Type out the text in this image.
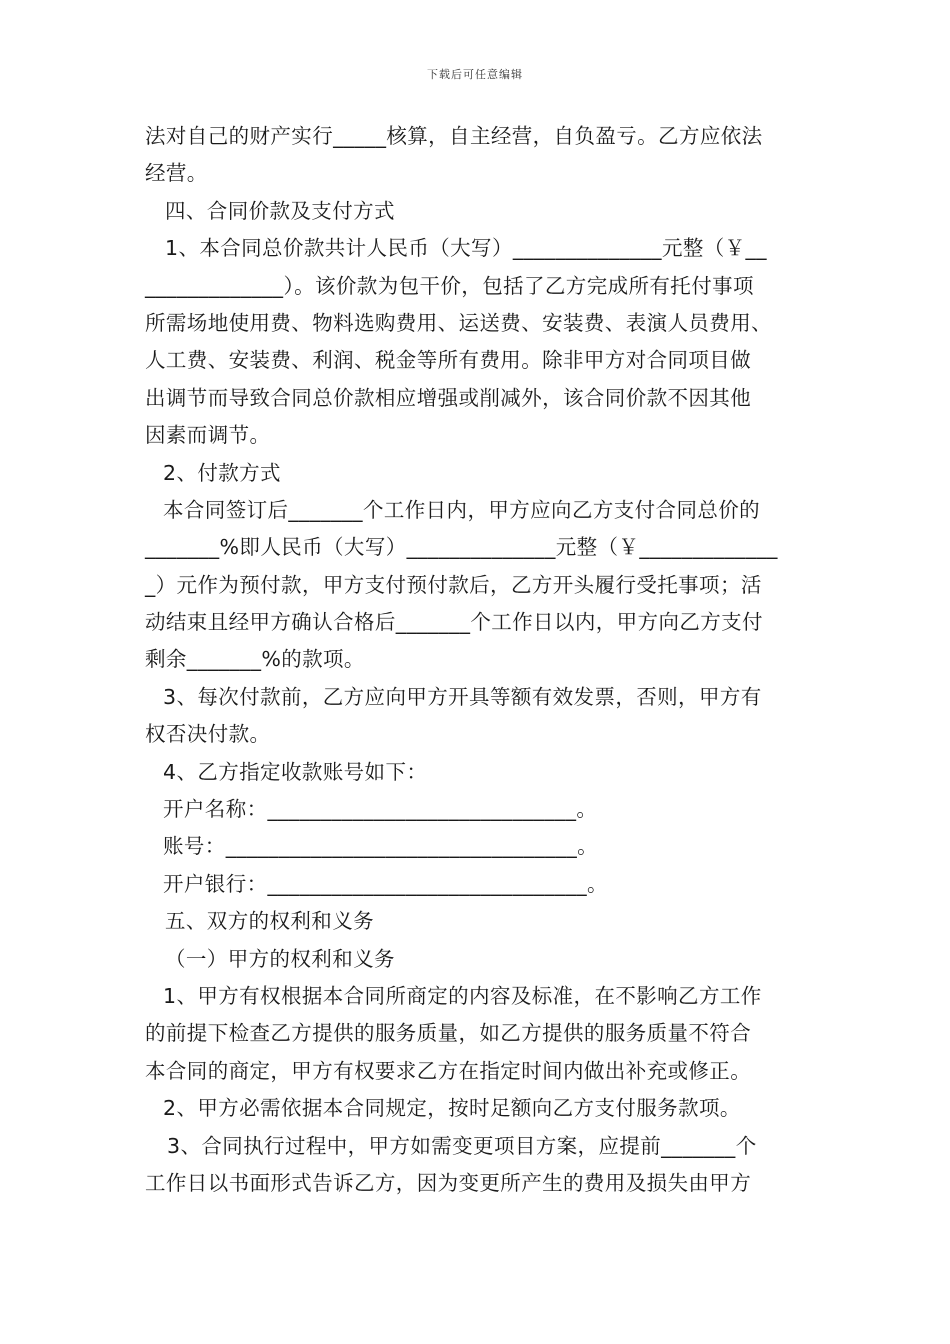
下载后可任意编辑
法对自己的财产实行_____核算，自主经营，自负盈亏。乙方应依法
经营。
四、合同价款及支付方式
1、本合同总价款共计人民币（大写）______________元整（￥__
_____________）。该价款为包干价，包括了乙方完成所有托付事项
所需场地使用费、物料选购费用、运送费、安装费、表演人员费用、
人工费、安装费、利润、税金等所有费用。除非甲方对合同项目做
出调节而导致合同总价款相应增强或削减外，该合同价款不因其他
因素而调节。
2、付款方式
本合同签订后_______个工作日内，甲方应向乙方支付合同总价的
_______%即人民币（大写）______________元整（￥_____________
_）元作为预付款，甲方支付预付款后，乙方开头履行受托事项；活
动结束且经甲方确认合格后_______个工作日以内，甲方向乙方支付
剩余_______%的款项。
3、每次付款前，乙方应向甲方开具等额有效发票，否则，甲方有
权否决付款。
4、乙方指定收款账号如下：
开户名称：_____________________________。
账号：_________________________________。
开户银行：______________________________。
五、双方的权利和义务
（一）甲方的权利和义务
1、甲方有权根据本合同所商定的内容及标准，在不影响乙方工作
的前提下检查乙方提供的服务质量，如乙方提供的服务质量不符合
本合同的商定，甲方有权要求乙方在指定时间内做出补充或修正。
2、甲方必需依据本合同规定，按时足额向乙方支付服务款项。
3、合同执行过程中，甲方如需变更项目方案，应提前_______个
工作日以书面形式告诉乙方，因为变更所产生的费用及损失由甲方
